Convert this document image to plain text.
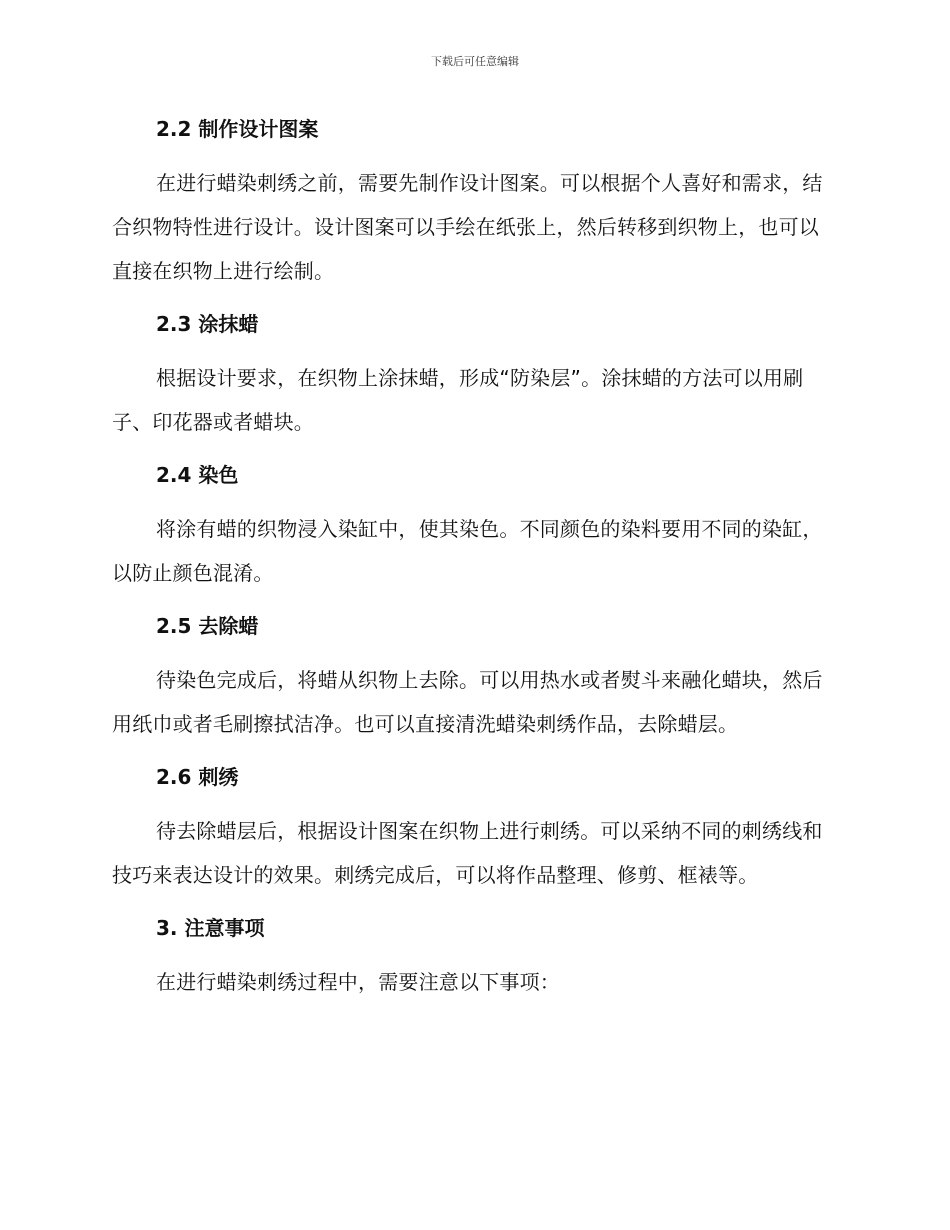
下载后可任意编辑
2.2 制作设计图案

在进行蜡染刺绣之前，需要先制作设计图案。可以根据个人喜好和需求，结合织物特性进行设计。设计图案可以手绘在纸张上，然后转移到织物上，也可以直接在织物上进行绘制。

2.3 涂抹蜡

根据设计要求，在织物上涂抹蜡，形成“防染层”。涂抹蜡的方法可以用刷子、印花器或者蜡块。

2.4 染色

将涂有蜡的织物浸入染缸中，使其染色。不同颜色的染料要用不同的染缸，以防止颜色混淆。

2.5 去除蜡

待染色完成后，将蜡从织物上去除。可以用热水或者熨斗来融化蜡块，然后用纸巾或者毛刷擦拭洁净。也可以直接清洗蜡染刺绣作品，去除蜡层。

2.6 刺绣

待去除蜡层后，根据设计图案在织物上进行刺绣。可以采纳不同的刺绣线和技巧来表达设计的效果。刺绣完成后，可以将作品整理、修剪、框裱等。

3. 注意事项

在进行蜡染刺绣过程中，需要注意以下事项：
